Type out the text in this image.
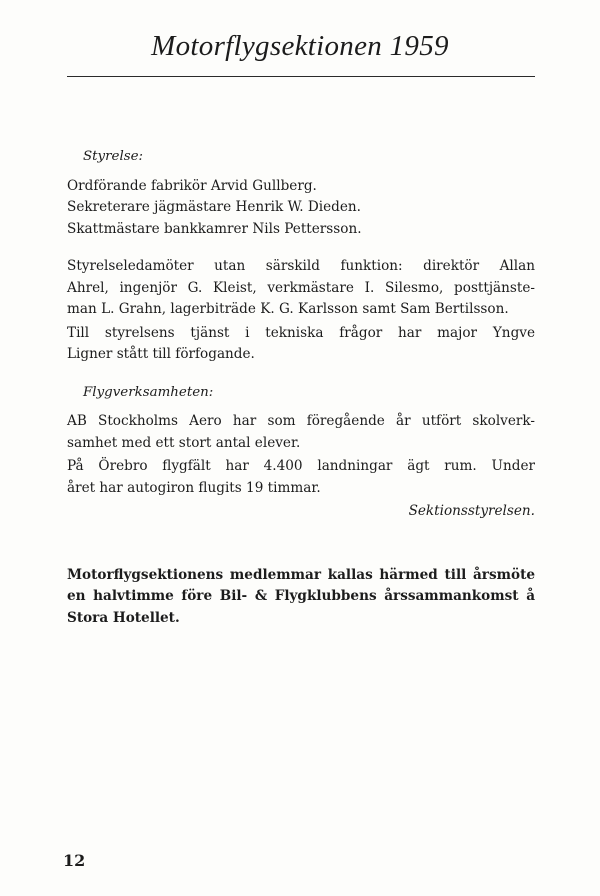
Motorflygsektionen 1959
Styrelse:
Ordförande fabrikör Arvid Gullberg.
Sekreterare jägmästare Henrik W. Dieden.
Skattmästare bankkamrer Nils Pettersson.
Styrelseledamöter utan särskild funktion: direktör Allan
Ahrel, ingenjör G. Kleist, verkmästare I. Silesmo, posttjänste-
man L. Grahn, lagerbiträde K. G. Karlsson samt Sam Bertilsson.
Till styrelsens tjänst i tekniska frågor har major Yngve
Ligner stått till förfogande.
Flygverksamheten:
AB Stockholms Aero har som föregående år utfört skolverk-
samhet med ett stort antal elever.
På Örebro flygfält har 4.400 landningar ägt rum. Under
året har autogiron flugits 19 timmar.
Sektionsstyrelsen.
Motorflygsektionens medlemmar kallas härmed till årsmöte
en halvtimme före Bil- & Flygklubbens årssammankomst å
Stora Hotellet.
12
